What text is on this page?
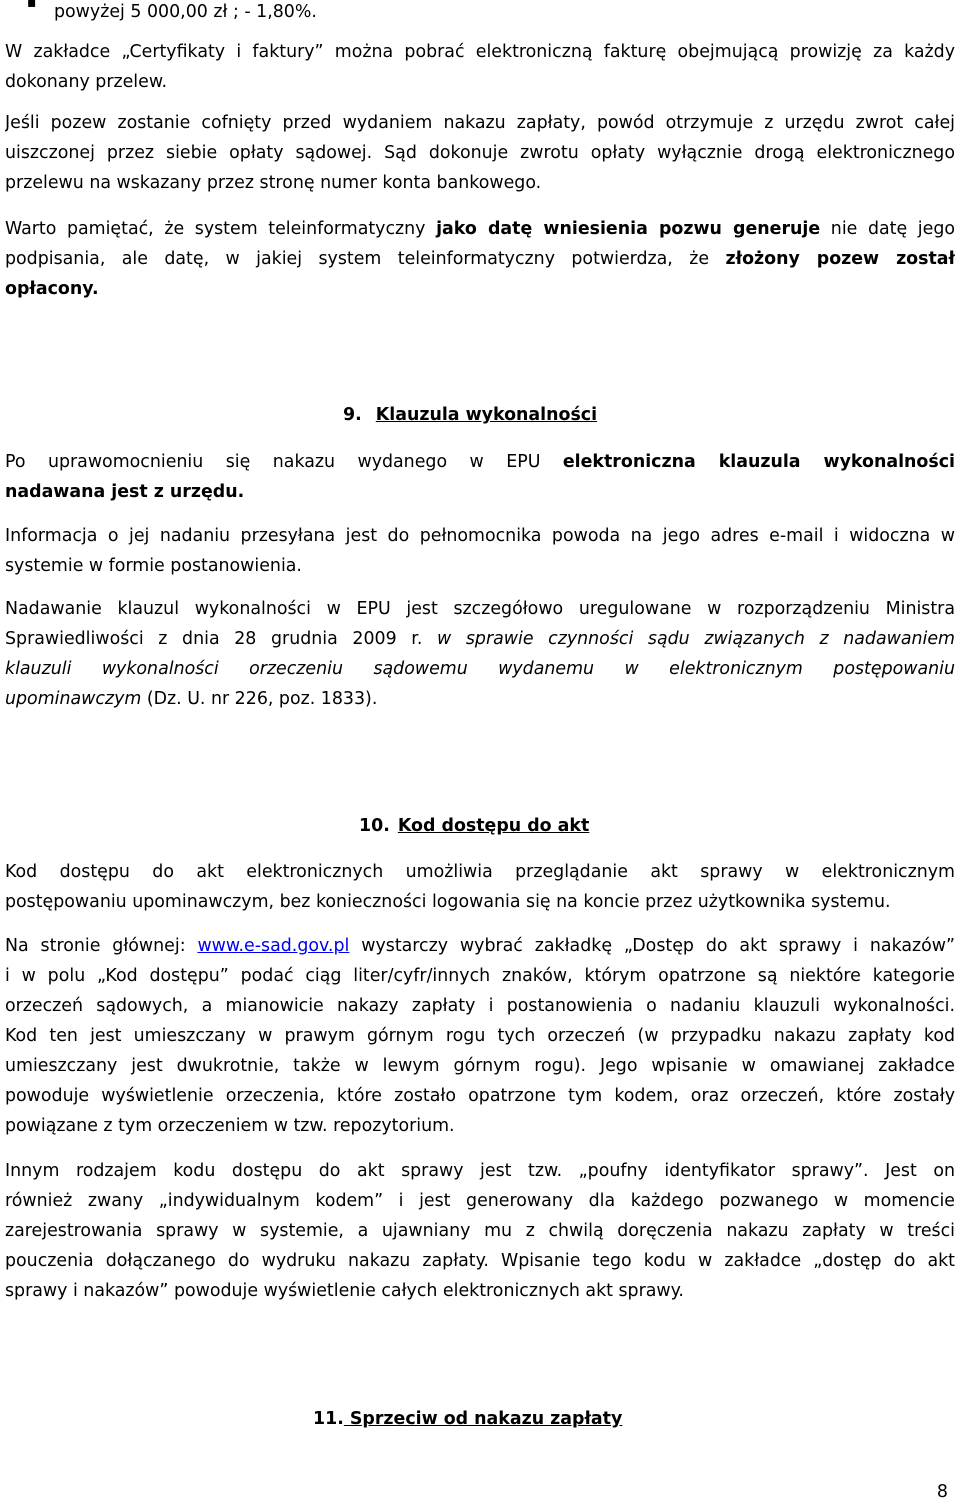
▪	powyżej 5 000,00 zł ; - 1,80%.
W zakładce „Certyfikaty i faktury” można pobrać elektroniczną fakturę obejmującą prowizję za każdy
dokonany przelew.
Jeśli pozew zostanie cofnięty przed wydaniem nakazu zapłaty, powód otrzymuje z urzędu zwrot całej
uiszczonej przez siebie opłaty sądowej. Sąd dokonuje zwrotu opłaty wyłącznie drogą elektronicznego
przelewu na wskazany przez stronę numer konta bankowego.
Warto pamiętać, że system teleinformatyczny jako datę wniesienia pozwu generuje nie datę jego
podpisania, ale datę, w jakiej system teleinformatyczny potwierdza, że złożony pozew został
opłacony.
9. Klauzula wykonalności
Po uprawomocnieniu się nakazu wydanego w EPU elektroniczna klauzula wykonalności
nadawana jest z urzędu.
Informacja o jej nadaniu przesyłana jest do pełnomocnika powoda na jego adres e-mail i widoczna w
systemie w formie postanowienia.
Nadawanie klauzul wykonalności w EPU jest szczegółowo uregulowane w rozporządzeniu Ministra
Sprawiedliwości z dnia 28 grudnia 2009 r. w sprawie czynności sądu związanych z nadawaniem
klauzuli wykonalności orzeczeniu sądowemu wydanemu w elektronicznym postępowaniu
upominawczym (Dz. U. nr 226, poz. 1833).
10. Kod dostępu do akt
Kod dostępu do akt elektronicznych umożliwia przeglądanie akt sprawy w elektronicznym
postępowaniu upominawczym, bez konieczności logowania się na koncie przez użytkownika systemu.
Na stronie głównej: www.e-sad.gov.pl wystarczy wybrać zakładkę „Dostęp do akt sprawy i nakazów”
i w polu „Kod dostępu” podać ciąg liter/cyfr/innych znaków, którym opatrzone są niektóre kategorie
orzeczeń sądowych, a mianowicie nakazy zapłaty i postanowienia o nadaniu klauzuli wykonalności.
Kod ten jest umieszczany w prawym górnym rogu tych orzeczeń (w przypadku nakazu zapłaty kod
umieszczany jest dwukrotnie, także w lewym górnym rogu). Jego wpisanie w omawianej zakładce
powoduje wyświetlenie orzeczenia, które zostało opatrzone tym kodem, oraz orzeczeń, które zostały
powiązane z tym orzeczeniem w tzw. repozytorium.
Innym rodzajem kodu dostępu do akt sprawy jest tzw. „poufny identyfikator sprawy”. Jest on
również zwany „indywidualnym kodem” i jest generowany dla każdego pozwanego w momencie
zarejestrowania sprawy w systemie, a ujawniany mu z chwilą doręczenia nakazu zapłaty w treści
pouczenia dołączanego do wydruku nakazu zapłaty. Wpisanie tego kodu w zakładce „dostęp do akt
sprawy i nakazów” powoduje wyświetlenie całych elektronicznych akt sprawy.
11. Sprzeciw od nakazu zapłaty
8
